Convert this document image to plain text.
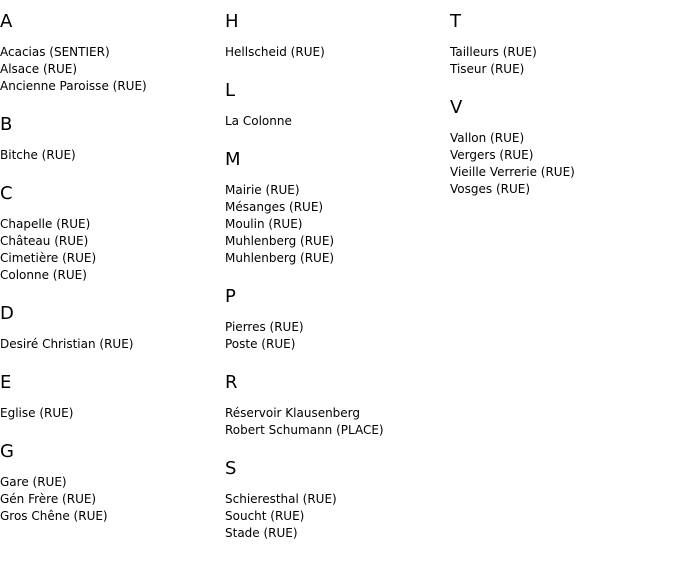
A
Acacias (SENTIER)
Alsace (RUE)
Ancienne Paroisse (RUE)
B
Bitche (RUE)
C
Chapelle (RUE)
Château (RUE)
Cimetière (RUE)
Colonne (RUE)
D
Desiré Christian (RUE)
E
Eglise (RUE)
G
Gare (RUE)
Gén Frère (RUE)
Gros Chêne (RUE)
H
Hellscheid (RUE)
L
La Colonne
M
Mairie (RUE)
Mésanges (RUE)
Moulin (RUE)
Muhlenberg (RUE)
Muhlenberg (RUE)
P
Pierres (RUE)
Poste (RUE)
R
Réservoir Klausenberg
Robert Schumann (PLACE)
S
Schieresthal (RUE)
Soucht (RUE)
Stade (RUE)
T
Tailleurs (RUE)
Tiseur (RUE)
V
Vallon (RUE)
Vergers (RUE)
Vieille Verrerie (RUE)
Vosges (RUE)
